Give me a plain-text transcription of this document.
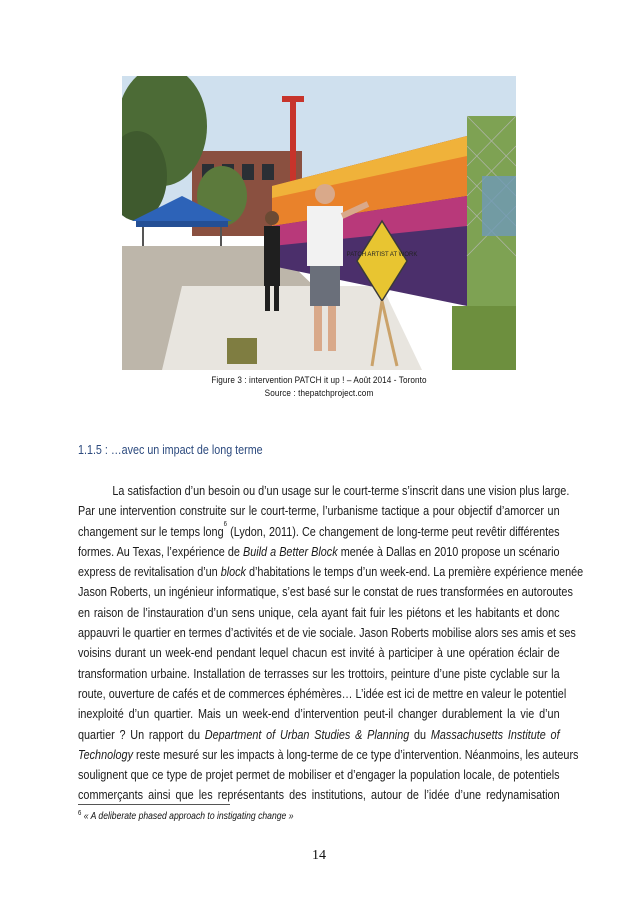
PATCH ARTIST AT WORK
Figure 3 : intervention PATCH it up ! – Août 2014 - Toronto
Source : thepatchproject.com
1.1.5 : …avec un impact de long terme
La satisfaction d’un besoin ou d’un usage sur le court-terme s’inscrit dans une vision plus large.
Par une intervention construite sur le court-terme, l’urbanisme tactique a pour objectif d’amorcer un
changement sur le temps long$^6$ (Lydon, 2011). Ce changement de long-terme peut revêtir différentes
formes. Au Texas, l’expérience de Build a Better Block menée à Dallas en 2010 propose un scénario
express de revitalisation d’un block d’habitations le temps d’un week-end. La première expérience menée
Jason Roberts, un ingénieur informatique, s’est basé sur le constat de rues transformées en autoroutes
en raison de l’instauration d’un sens unique, cela ayant fait fuir les piétons et les habitants et donc
appauvri le quartier en termes d’activités et de vie sociale. Jason Roberts mobilise alors ses amis et ses
voisins durant un week-end pendant lequel chacun est invité à participer à une opération éclair de
transformation urbaine. Installation de terrasses sur les trottoirs, peinture d’une piste cyclable sur la
route, ouverture de cafés et de commerces éphémères… L’idée est ici de mettre en valeur le potentiel
inexploité d’un quartier. Mais un week-end d’intervention peut-il changer durablement la vie d’un
quartier ? Un rapport du Department of Urban Studies & Planning du Massachusetts Institute of
Technology reste mesuré sur les impacts à long-terme de ce type d’intervention. Néanmoins, les auteurs
soulignent que ce type de projet permet de mobiliser et d’engager la population locale, de potentiels
commerçants ainsi que les représentants des institutions, autour de l’idée d’une redynamisation
$^6$ « A deliberate phased approach to instigating change »
14
